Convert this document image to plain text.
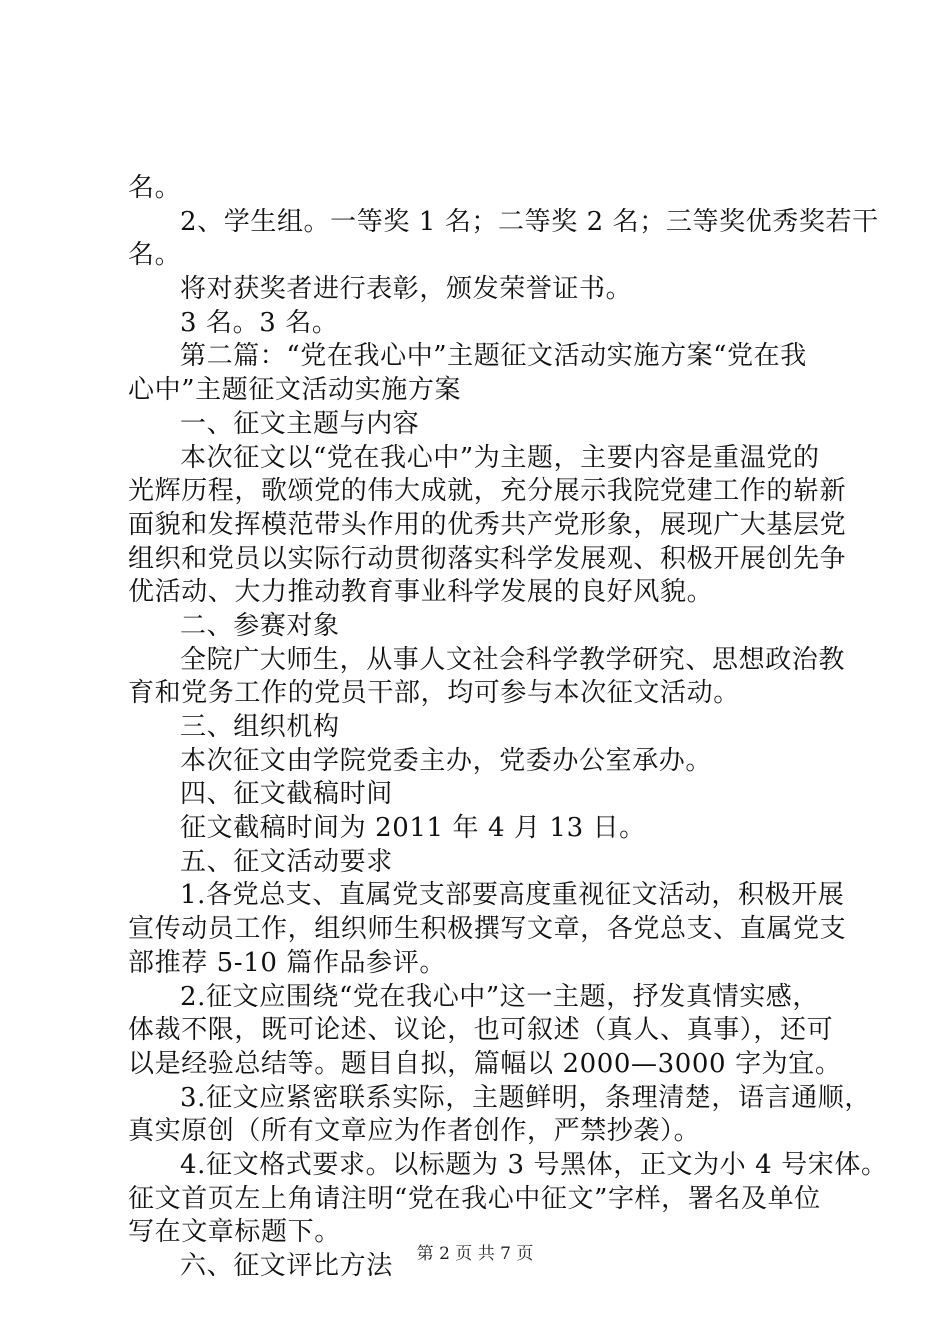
名。
2、学生组。一等奖 1 名；二等奖 2 名；三等奖优秀奖若干
名。
将对获奖者进行表彰，颁发荣誉证书。
3 名。3 名。
第二篇：“党在我心中”主题征文活动实施方案“党在我
心中”主题征文活动实施方案
一、征文主题与内容
本次征文以“党在我心中”为主题，主要内容是重温党的
光辉历程，歌颂党的伟大成就，充分展示我院党建工作的崭新
面貌和发挥模范带头作用的优秀共产党形象，展现广大基层党
组织和党员以实际行动贯彻落实科学发展观、积极开展创先争
优活动、大力推动教育事业科学发展的良好风貌。
二、参赛对象
全院广大师生，从事人文社会科学教学研究、思想政治教
育和党务工作的党员干部，均可参与本次征文活动。
三、组织机构
本次征文由学院党委主办，党委办公室承办。
四、征文截稿时间
征文截稿时间为 2011 年 4 月 13 日。
五、征文活动要求
1.各党总支、直属党支部要高度重视征文活动，积极开展
宣传动员工作，组织师生积极撰写文章，各党总支、直属党支
部推荐 5-10 篇作品参评。
2.征文应围绕“党在我心中”这一主题，抒发真情实感，
体裁不限，既可论述、议论，也可叙述（真人、真事），还可
以是经验总结等。题目自拟，篇幅以 2000—3000 字为宜。
3.征文应紧密联系实际，主题鲜明，条理清楚，语言通顺，
真实原创（所有文章应为作者创作，严禁抄袭）。
4.征文格式要求。以标题为 3 号黑体，正文为小 4 号宋体。
征文首页左上角请注明“党在我心中征文”字样，署名及单位
写在文章标题下。
六、征文评比方法	第 2 页 共 7 页
